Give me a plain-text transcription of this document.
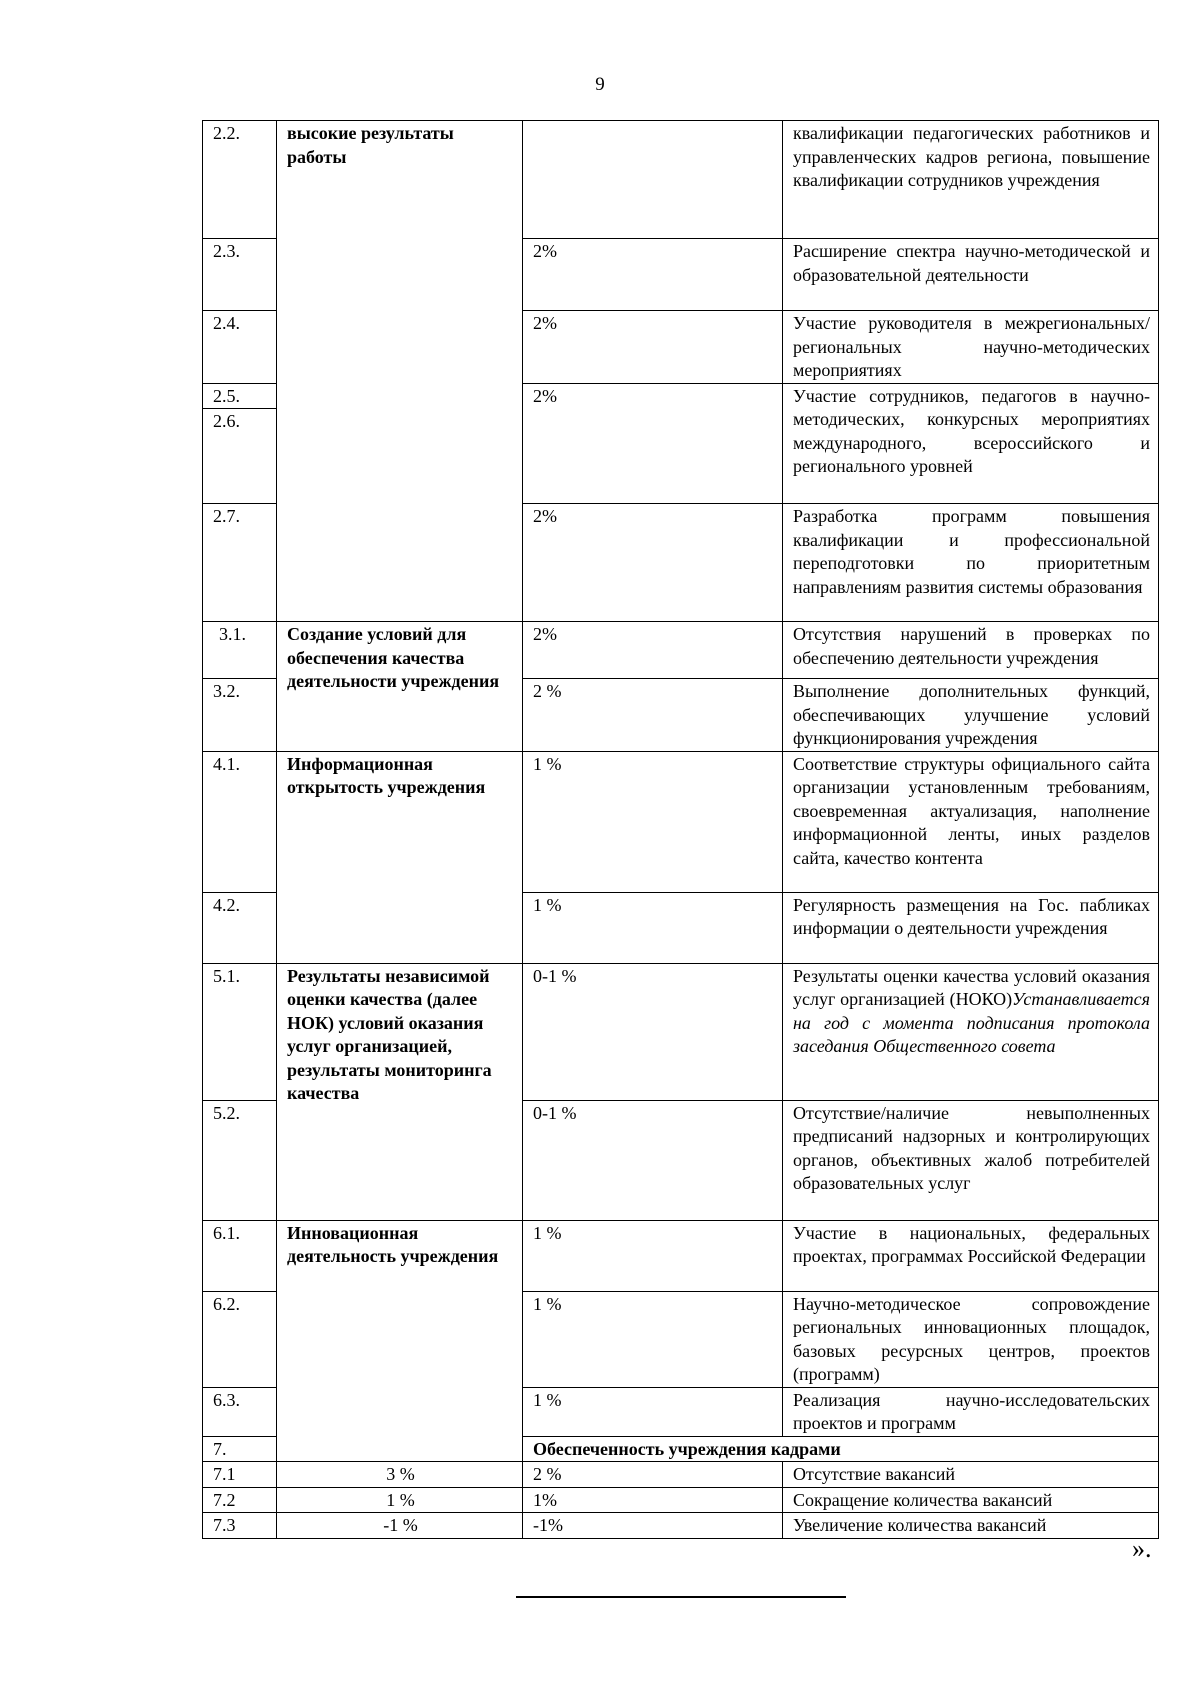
9
2.2.	высокие результаты работы		квалификации педагогических работников и управленческих кадров региона, повышение квалификации сотрудников учреждения
2.3.		2%	Расширение спектра научно-методической и образовательной деятельности
2.4.		2%	Участие руководителя в межрегиональных/региональных научно-методических мероприятиях
2.5.		2%	Участие сотрудников, педагогов в научно-методических, конкурсных мероприятиях международного, всероссийского и регионального уровней
2.6.			
2.7.		2%	Разработка программ повышения квалификации и профессиональной переподготовки по приоритетным направлениям развития системы образования
3.1.	Создание условий для обеспечения качества деятельности учреждения	2%	Отсутствия нарушений в проверках по обеспечению деятельности учреждения
3.2.		2 %	Выполнение дополнительных функций, обеспечивающих улучшение условий функционирования учреждения
4.1.	Информационная открытость учреждения	1 %	Соответствие структуры официального сайта организации установленным требованиям, своевременная актуализация, наполнение информационной ленты, иных разделов сайта, качество контента
4.2.		1 %	Регулярность размещения на Гос. пабликах информации о деятельности учреждения
5.1.	Результаты независимой оценки качества (далее НОК) условий оказания услуг организацией, результаты мониторинга качества	0-1 %	Результаты оценки качества условий оказания услуг организацией (НОКО)Устанавливается на год с момента подписания протокола заседания Общественного совета
5.2.		0-1 %	Отсутствие/наличие невыполненных предписаний надзорных и контролирующих органов, объективных жалоб потребителей образовательных услуг
6.1.	Инновационная деятельность учреждения	1 %	Участие в национальных, федеральных проектах, программах Российской Федерации
6.2.		1 %	Научно-методическое сопровождение региональных инновационных площадок, базовых ресурсных центров, проектов (программ)
6.3.		1 %	Реализация научно-исследовательских проектов и программ
7.		Обеспеченность учреждения кадрами	
7.1	3 %	2 %	Отсутствие вакансий
7.2	1 %	1%	Сокращение количества вакансий
7.3	-1 %	-1%	Увеличение количества вакансий
».
